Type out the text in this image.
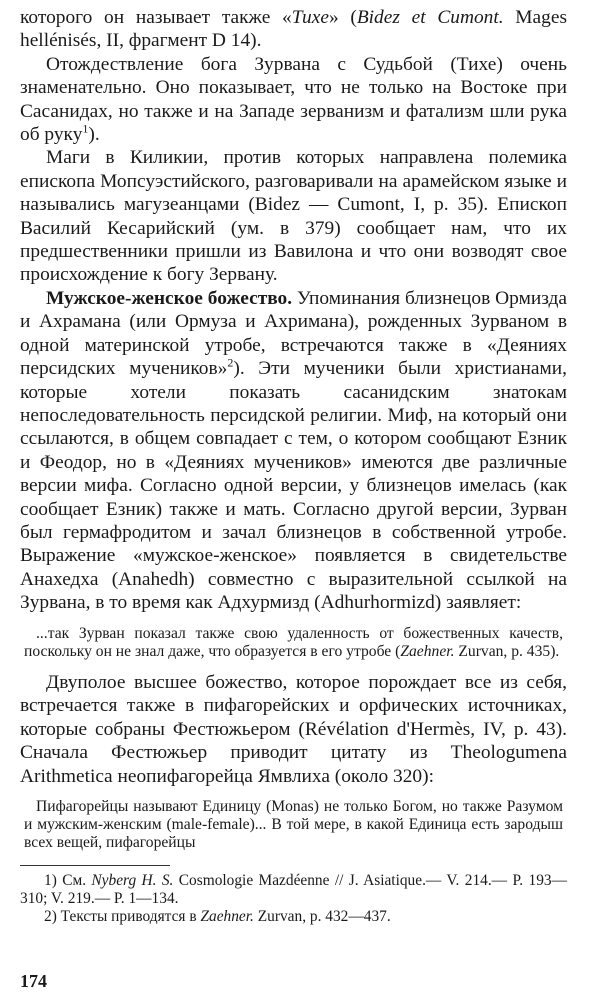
которого он называет также «Тихе» (Bidez et Cumont. Mages hellénisés, II, фрагмент D 14).

Отождествление бога Зурвана с Судьбой (Тихе) очень знаменательно. Оно показывает, что не только на Востоке при Сасанидах, но также и на Западе зерванизм и фатализм шли рука об руку$^1$).

Маги в Киликии, против которых направлена полемика епископа Мопсуэстийского, разговаривали на арамейском языке и назывались магузеанцами (Bidez — Cumont, I, p. 35). Епископ Василий Кесарийский (ум. в 379) сообщает нам, что их предшественники пришли из Вавилона и что они возводят свое происхождение к богу Зервану.

Мужское-женское божество. Упоминания близнецов Ормизда и Ахрамана (или Ормуза и Ахримана), рожденных Зурваном в одной материнской утробе, встречаются также в «Деяниях персидских мучеников»$^2$). Эти мученики были христианами, которые хотели показать сасанидским знатокам непоследовательность персидской религии. Миф, на который они ссылаются, в общем совпадает с тем, о котором сообщают Езник и Феодор, но в «Деяниях мучеников» имеются две различные версии мифа. Согласно одной версии, у близнецов имелась (как сообщает Езник) также и мать. Согласно другой версии, Зурван был гермафродитом и зачал близнецов в собственной утробе. Выражение «мужское-женское» появляется в свидетельстве Анахедха (Anahedh) совместно с выразительной ссылкой на Зурвана, в то время как Адхурмизд (Adhurhormizd) заявляет:

...так Зурван показал также свою удаленность от божественных качеств, поскольку он не знал даже, что образуется в его утробе (Zaehner. Zurvan, p. 435).

Двуполое высшее божество, которое порождает все из себя, встречается также в пифагорейских и орфических источниках, которые собраны Фестюжьером (Révélation d'Hermès, IV, p. 43). Сначала Фестюжьер приводит цитату из Theologumena Arithmetica неопифагорейца Ямвлиха (около 320):

Пифагорейцы называют Единицу (Monas) не только Богом, но также Разумом и мужским-женским (male-female)... В той мере, в какой Единица есть зародыш всех вещей, пифагорейцы

1) См. Nyberg H. S. Cosmologie Mazdéenne // J. Asiatique.— V. 214.— P. 193—310; V. 219.— P. 1—134.

2) Тексты приводятся в Zaehner. Zurvan, p. 432—437.

174
